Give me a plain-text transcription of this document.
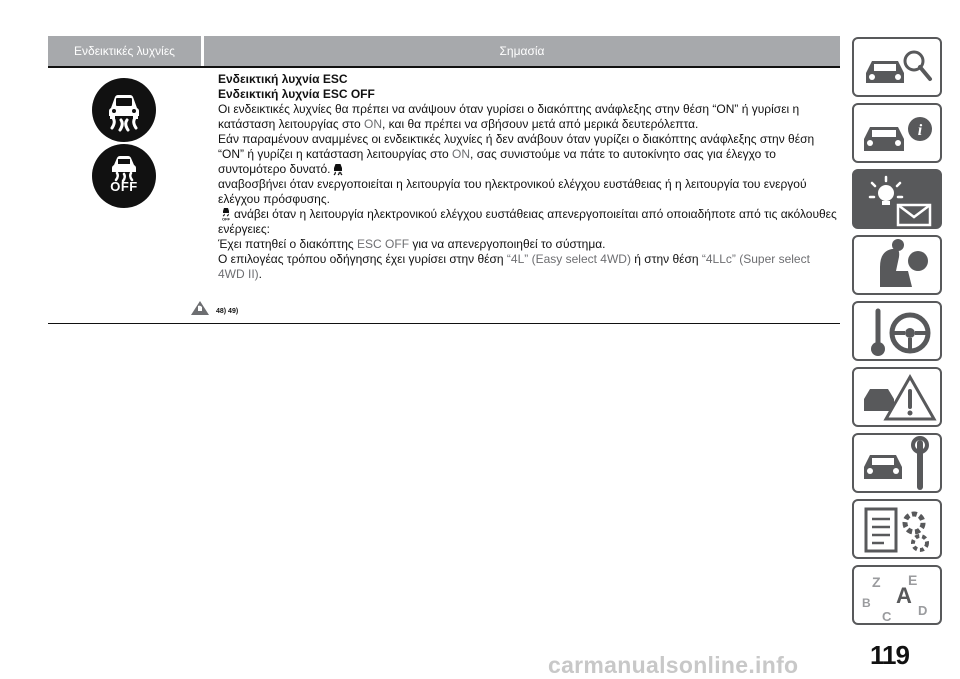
Ενδεικτικές λυχνίες	Σημασία
OFF

Ενδεικτική λυχνία ESC

Ενδεικτική λυχνία ESC OFF

Οι ενδεικτικές λυχνίες θα πρέπει να ανάψουν όταν γυρίσει ο διακόπτης ανάφλεξης στην θέση “ON” ή γυρίσει η κατάσταση λειτουργίας στο ON, και θα πρέπει να σβήσουν μετά από μερικά δευτερόλεπτα.

Εάν παραμένουν αναμμένες οι ενδεικτικές λυχνίες ή δεν ανάβουν όταν γυρίζει ο διακόπτης ανάφλεξης στην θέση “ON” ή γυρίζει η κατάσταση λειτουργίας στο ON, σας συνιστούμε να πάτε το αυτοκίνητο σας για έλεγχο το συντομότερο δυνατό.

αναβοσβήνει όταν ενεργοποιείται η λειτουργία του ηλεκτρονικού ελέγχου ευστάθειας ή η λειτουργία του ενεργού ελέγχου πρόσφυσης.

OFF ανάβει όταν η λειτουργία ηλεκτρονικού ελέγχου ευστάθειας απενεργοποιείται από οποιαδήποτε από τις ακόλουθες ενέργειες:

Έχει πατηθεί ο διακόπτης ESC OFF για να απενεργοποιηθεί το σύστημα.

Ο επιλογέας τρόπου οδήγησης έχει γυρίσει στην θέση “4L” (Easy select 4WD) ή στην θέση “4LLc” (Super select 4WD II).

48) 49)
i
Z E
B A
C D
119
carmanualsonline.info
